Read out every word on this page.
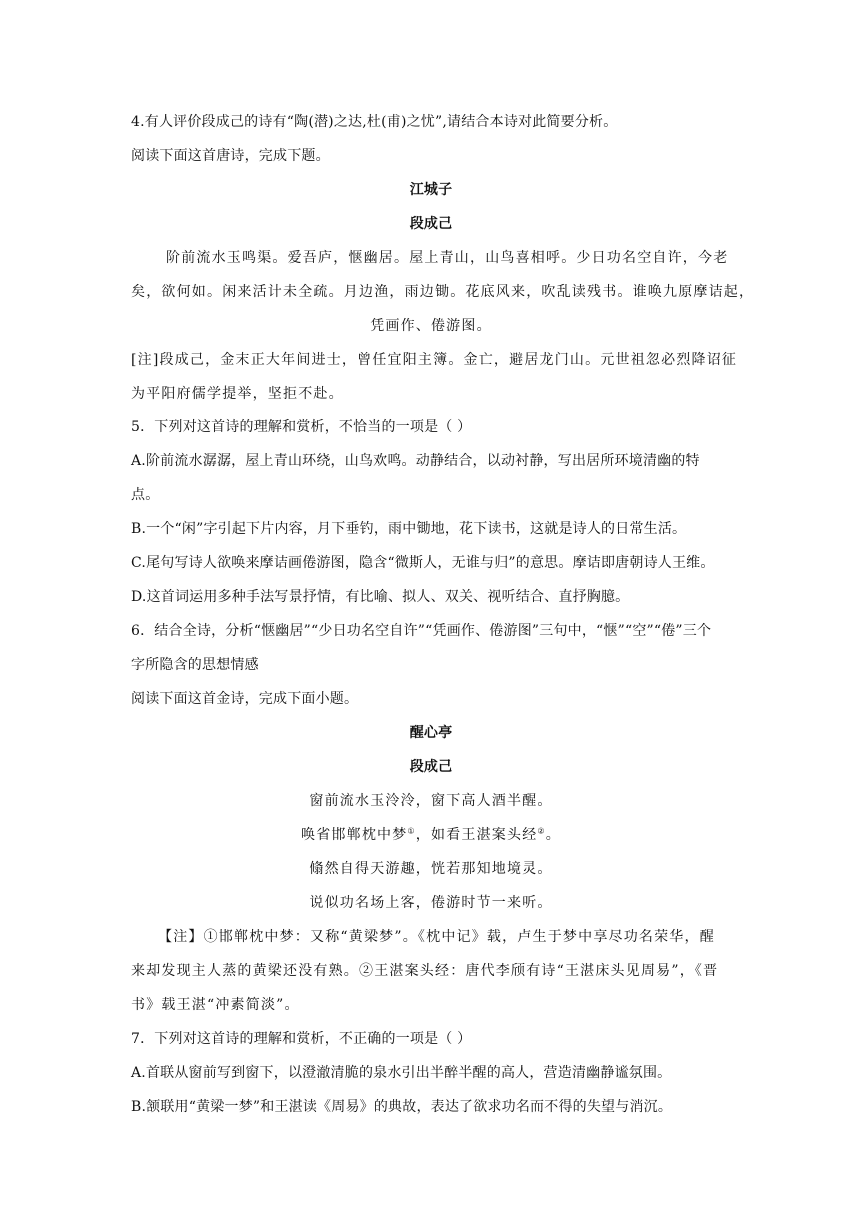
4.有人评价段成己的诗有“陶(潜)之达,杜(甫)之忧”,请结合本诗对此简要分析。
阅读下面这首唐诗，完成下题。
江城子
段成己
阶前流水玉鸣渠。爱吾庐，惬幽居。屋上青山，山鸟喜相呼。少日功名空自许，今老
矣，欲何如。闲来活计未全疏。月边渔，雨边锄。花底风来，吹乱读残书。谁唤九原摩诘起，
凭画作、倦游图。
[注]段成己，金末正大年间进士，曾任宜阳主簿。金亡，避居龙门山。元世祖忽必烈降诏征
为平阳府儒学提举，坚拒不赴。
5．下列对这首诗的理解和赏析，不恰当的一项是（ ）
A.阶前流水潺潺，屋上青山环绕，山鸟欢鸣。动静结合，以动衬静，写出居所环境清幽的特
点。
B.一个“闲”字引起下片内容，月下垂钓，雨中锄地，花下读书，这就是诗人的日常生活。
C.尾句写诗人欲唤来摩诘画倦游图，隐含“微斯人，无谁与归”的意思。摩诘即唐朝诗人王维。
D.这首词运用多种手法写景抒情，有比喻、拟人、双关、视听结合、直抒胸臆。
6．结合全诗，分析“惬幽居”“少日功名空自许”“凭画作、倦游图”三句中，“惬”“空”“倦”三个
字所隐含的思想情感
阅读下面这首金诗，完成下面小题。
醒心亭
段成己
窗前流水玉泠泠，窗下高人酒半醒。
唤省邯郸枕中梦①，如看王湛案头经②。
翛然自得天游趣，恍若那知地境灵。
说似功名场上客，倦游时节一来听。
【注】①邯郸枕中梦：又称“黄梁梦”。《枕中记》载，卢生于梦中享尽功名荣华，醒
来却发现主人蒸的黄梁还没有熟。②王湛案头经：唐代李颀有诗“王湛床头见周易”，《晋
书》载王湛“冲素简淡”。
7．下列对这首诗的理解和赏析，不正确的一项是（ ）
A.首联从窗前写到窗下，以澄澈清脆的泉水引出半醉半醒的高人，营造清幽静谧氛围。
B.颔联用“黄梁一梦”和王湛读《周易》的典故，表达了欲求功名而不得的失望与消沉。
